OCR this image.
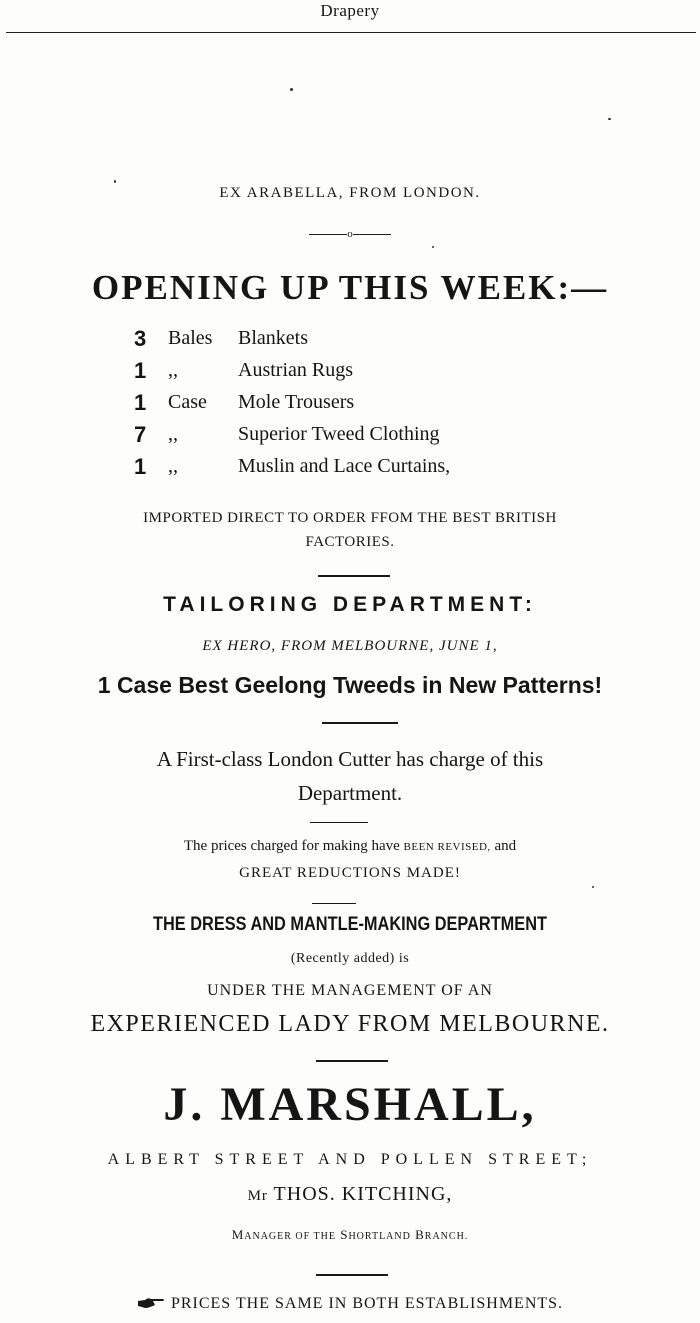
Drapery
EX ARABELLA, FROM LONDON.
o
OPENING UP THIS WEEK:—
3 Bales Blankets
1 ,,	Austrian Rugs
1 Case Mole Trousers
7 ,,	Superior Tweed Clothing
1 ,,	Muslin and Lace Curtains,
IMPORTED DIRECT TO ORDER FFOM THE BEST BRITISH
FACTORIES.
TAILORING DEPARTMENT:
EX HERO, FROM MELBOURNE, JUNE 1,
1 Case Best Geelong Tweeds in New Patterns!
A First-class London Cutter has charge of this
Department.
The prices charged for making have BEEN REVISED, and
GREAT REDUCTIONS MADE!
THE DRESS AND MANTLE-MAKING DEPARTMENT
(Recently added) is
UNDER THE MANAGEMENT OF AN
EXPERIENCED LADY FROM MELBOURNE.
J. MARSHALL,
ALBERT STREET AND POLLEN STREET;
Mr THOS. KITCHING,
MANAGER OF THE SHORTLAND BRANCH.
PRICES THE SAME IN BOTH ESTABLISHMENTS.
